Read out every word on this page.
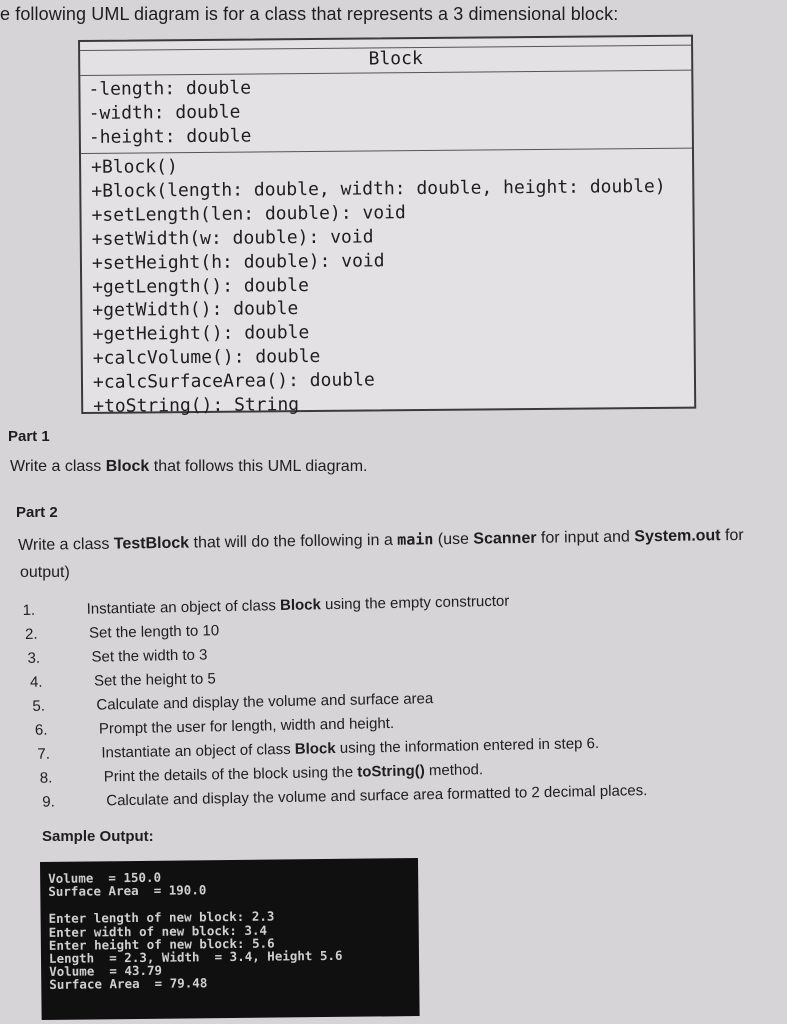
e following UML diagram is for a class that represents a 3 dimensional block:
Block
-length: double
-width: double
-height: double
+Block()
+Block(length: double, width: double, height: double)
+setLength(len: double): void
+setWidth(w: double): void
+setHeight(h: double): void
+getLength(): double
+getWidth(): double
+getHeight(): double
+calcVolume(): double
+calcSurfaceArea(): double
+toString(): String
Part 1
Write a class Block that follows this UML diagram.
Part 2
Write a class TestBlock that will do the following in a main (use Scanner for input and System.out for
output)
1.	Instantiate an object of class Block using the empty constructor
2.	Set the length to 10
3.	Set the width to 3
4.	Set the height to 5
5.	Calculate and display the volume and surface area
6.	Prompt the user for length, width and height.
7.	Instantiate an object of class Block using the information entered in step 6.
8.	Print the details of the block using the toString() method.
9.	Calculate and display the volume and surface area formatted to 2 decimal places.
Sample Output:
Volume  = 150.0
Surface Area  = 190.0
Enter length of new block: 2.3
Enter width of new block: 3.4
Enter height of new block: 5.6
Length  = 2.3, Width  = 3.4, Height 5.6
Volume  = 43.79
Surface Area  = 79.48
